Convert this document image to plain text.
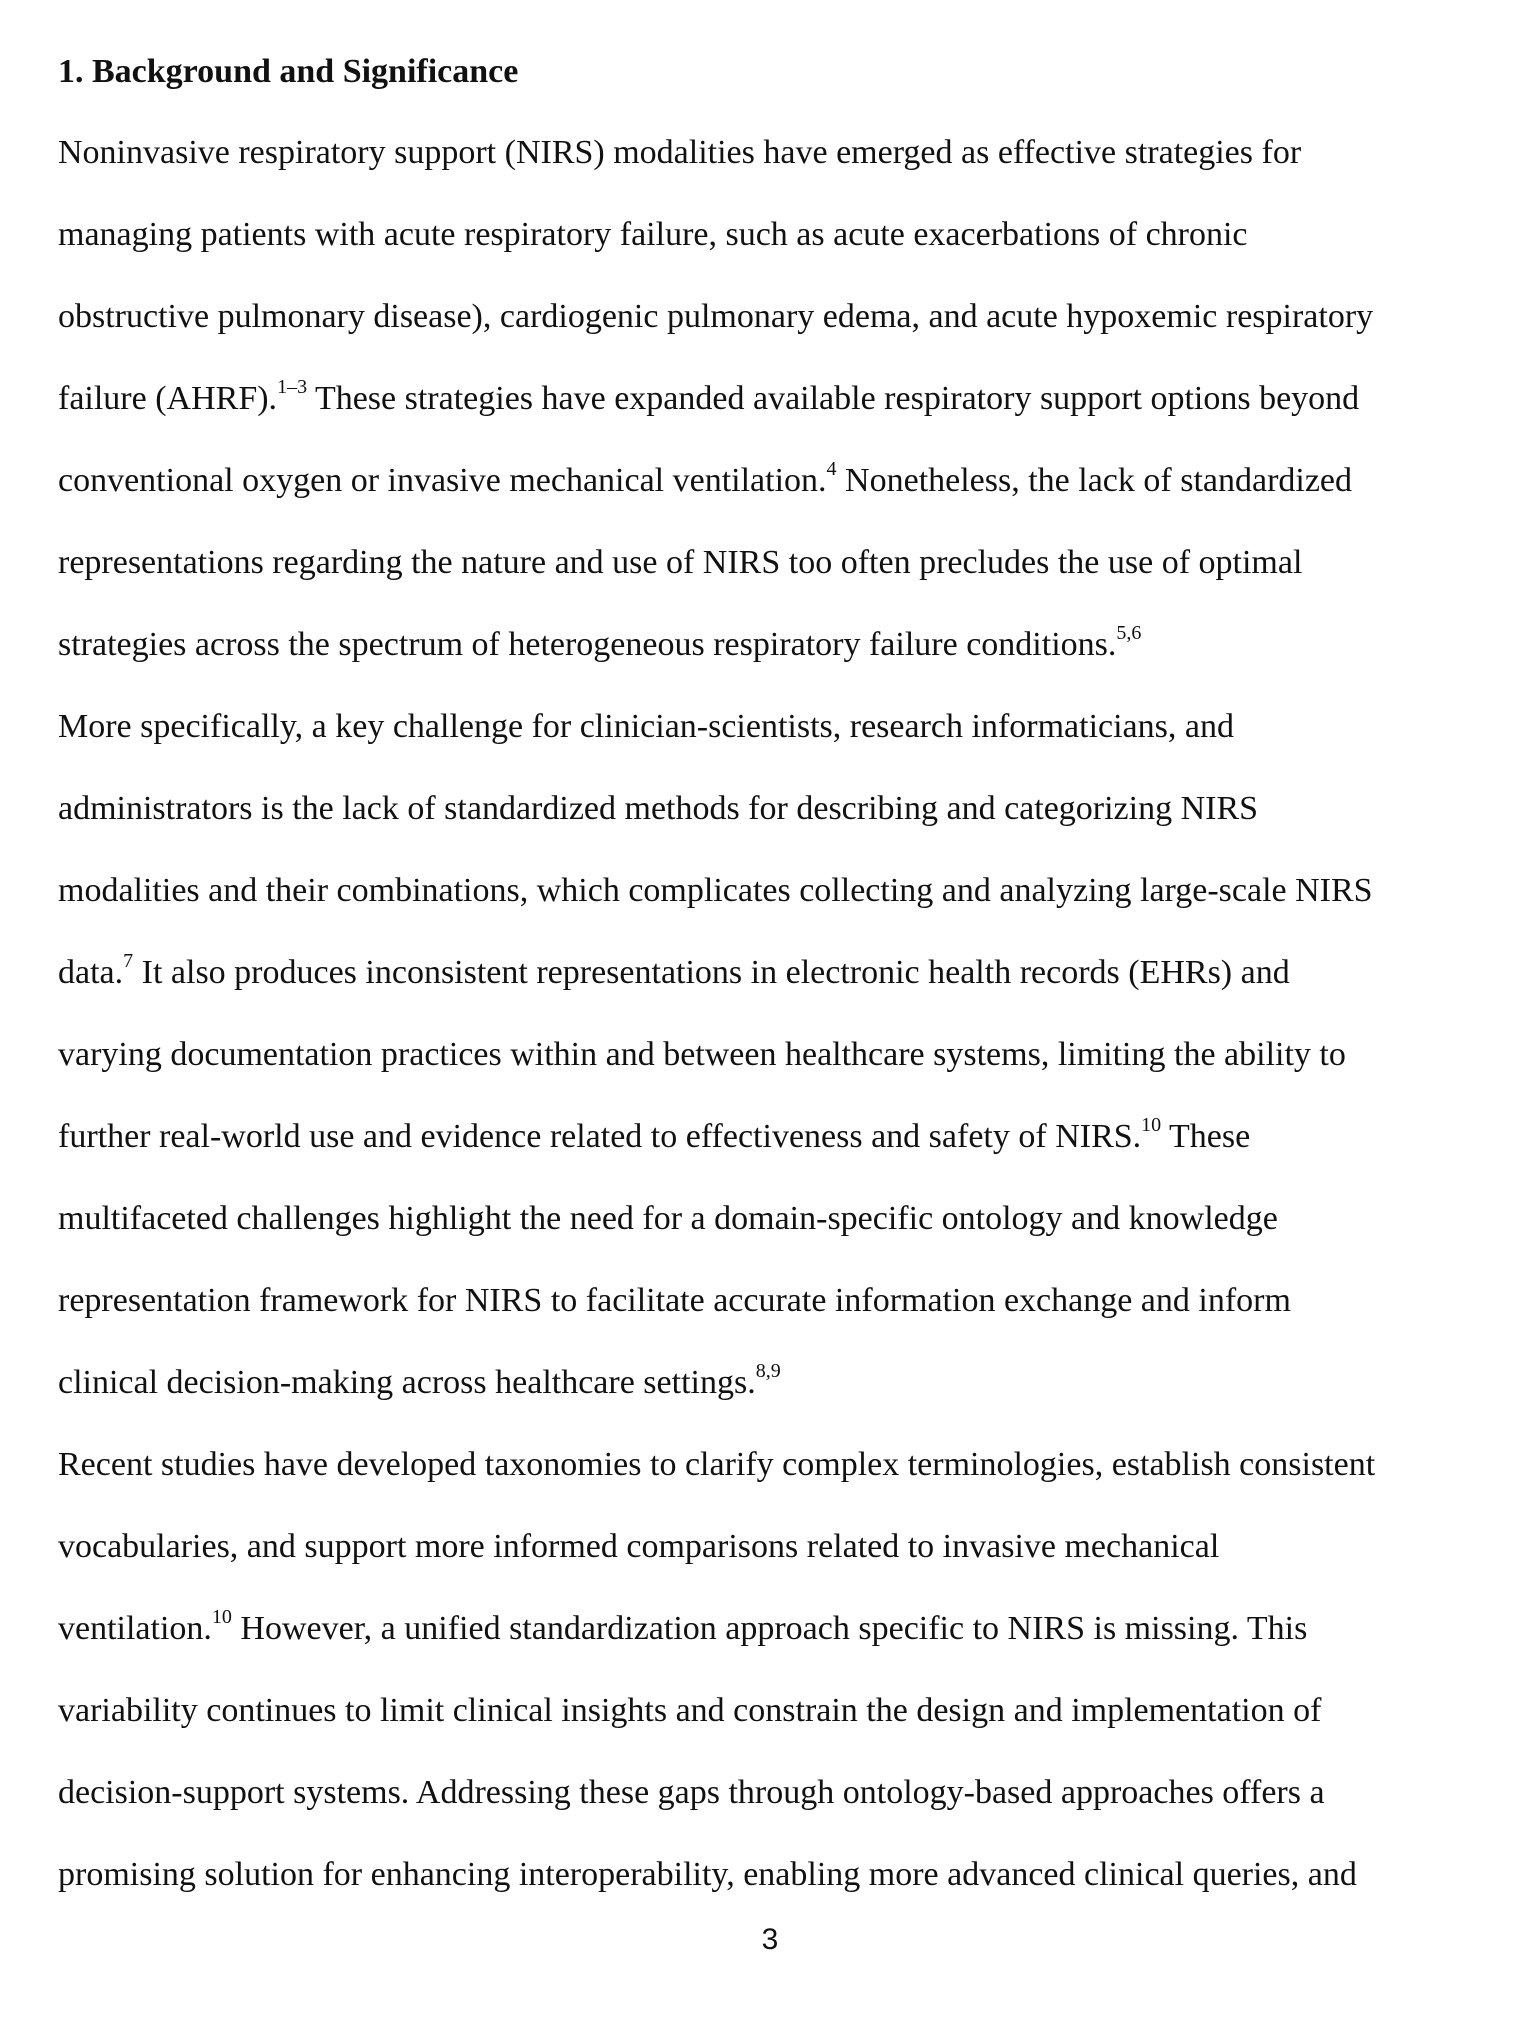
1. Background and Significance
Noninvasive respiratory support (NIRS) modalities have emerged as effective strategies for
managing patients with acute respiratory failure, such as acute exacerbations of chronic
obstructive pulmonary disease), cardiogenic pulmonary edema, and acute hypoxemic respiratory
failure (AHRF).$^{1-3}$ These strategies have expanded available respiratory support options beyond
conventional oxygen or invasive mechanical ventilation.$^4$ Nonetheless, the lack of standardized
representations regarding the nature and use of NIRS too often precludes the use of optimal
strategies across the spectrum of heterogeneous respiratory failure conditions.$^{5,6}$
More specifically, a key challenge for clinician-scientists, research informaticians, and
administrators is the lack of standardized methods for describing and categorizing NIRS
modalities and their combinations, which complicates collecting and analyzing large-scale NIRS
data.$^7$ It also produces inconsistent representations in electronic health records (EHRs) and
varying documentation practices within and between healthcare systems, limiting the ability to
further real-world use and evidence related to effectiveness and safety of NIRS.$^{10}$ These
multifaceted challenges highlight the need for a domain-specific ontology and knowledge
representation framework for NIRS to facilitate accurate information exchange and inform
clinical decision-making across healthcare settings.$^{8,9}$
Recent studies have developed taxonomies to clarify complex terminologies, establish consistent
vocabularies, and support more informed comparisons related to invasive mechanical
ventilation.$^{10}$ However, a unified standardization approach specific to NIRS is missing. This
variability continues to limit clinical insights and constrain the design and implementation of
decision-support systems. Addressing these gaps through ontology-based approaches offers a
promising solution for enhancing interoperability, enabling more advanced clinical queries, and
3
